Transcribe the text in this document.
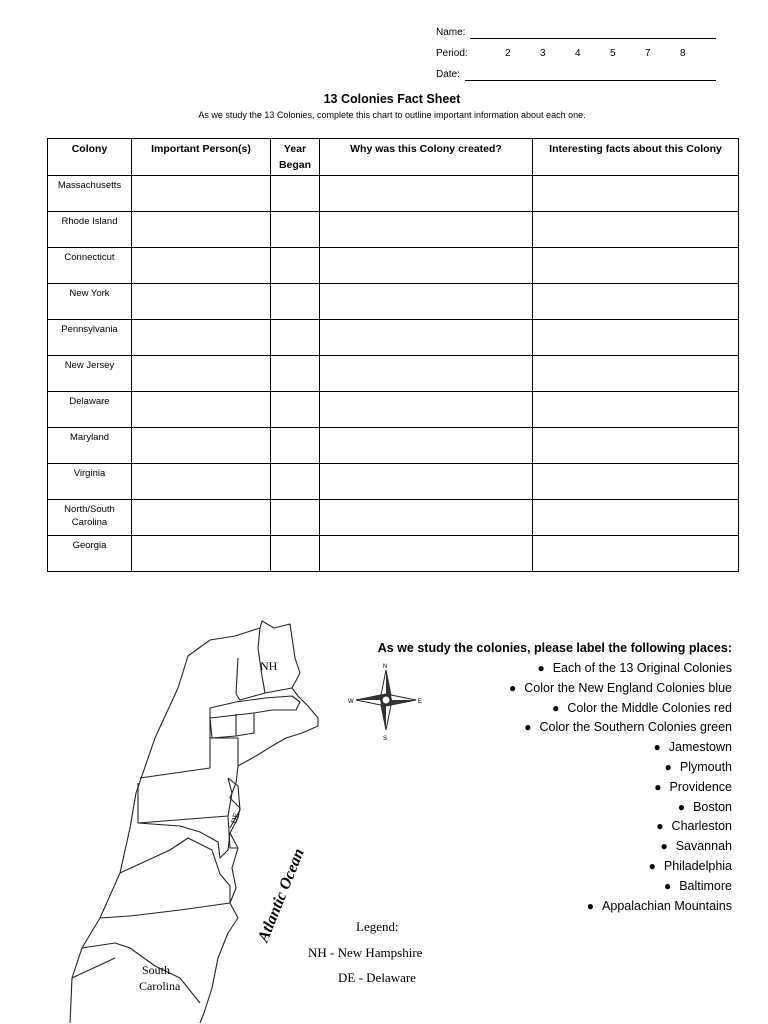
Name:
Period:	2	3	4	5	7	8
Date:
13 Colonies Fact Sheet
As we study the 13 Colonies, complete this chart to outline important information about each one.
Colony	Important Person(s)	Year Began	Why was this Colony created?	Interesting facts about this Colony
Massachusetts				
Rhode Island				
Connecticut				
New York				
Pennsylvania				
New Jersey				
Delaware				
Maryland				
Virginia				
North/South Carolina				
Georgia				
NH
DE
Atlantic Ocean
South
Carolina
N
S
E
W
Legend:
NH - New Hampshire
DE - Delaware
As we study the colonies, please label the following places:
● Each of the 13 Original Colonies
● Color the New England Colonies blue
● Color the Middle Colonies red
● Color the Southern Colonies green
● Jamestown
● Plymouth
● Providence
● Boston
● Charleston
● Savannah
● Philadelphia
● Baltimore
● Appalachian Mountains
